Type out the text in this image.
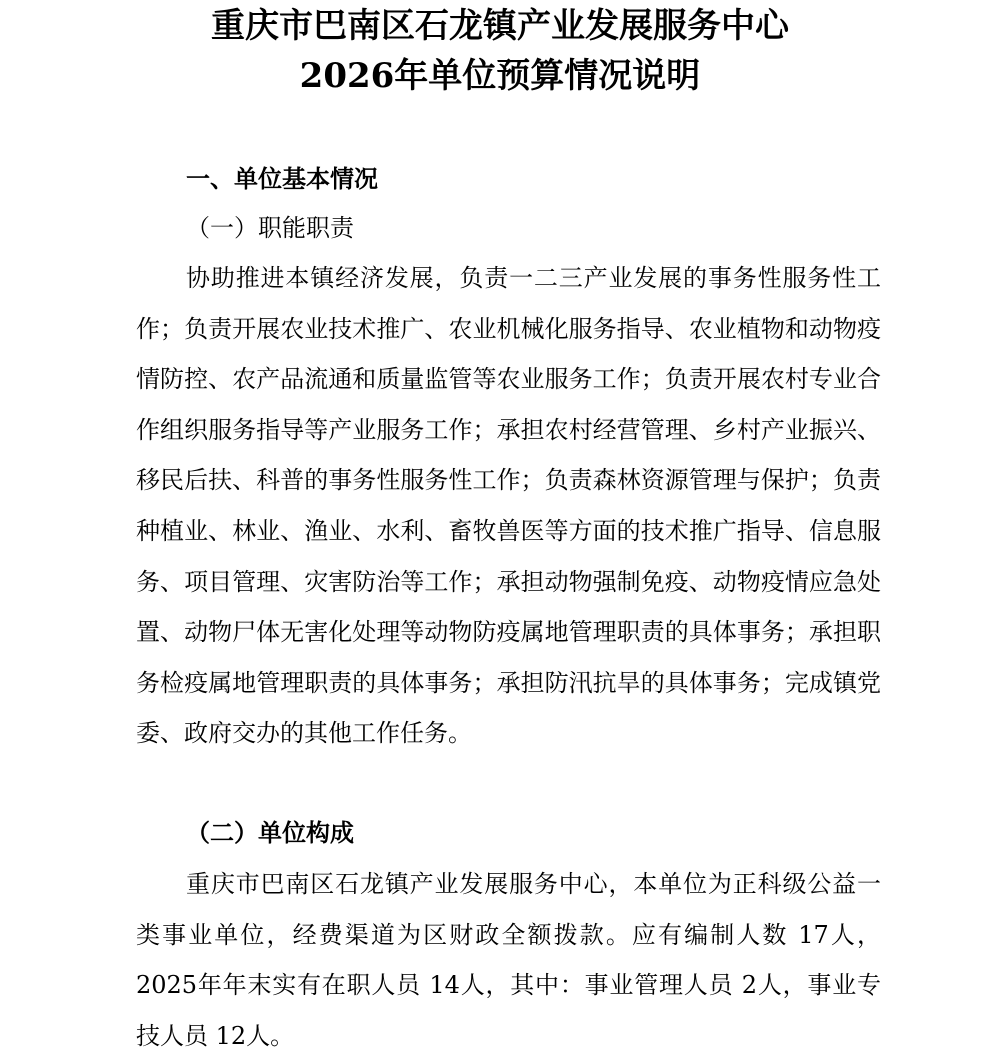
重庆市巴南区石龙镇产业发展服务中心
2026年单位预算情况说明
一、单位基本情况
（一）职能职责
协助推进本镇经济发展，负责一二三产业发展的事务性服务性工作；负责开展农业技术推广、农业机械化服务指导、农业植物和动物疫情防控、农产品流通和质量监管等农业服务工作；负责开展农村专业合作组织服务指导等产业服务工作；承担农村经营管理、乡村产业振兴、移民后扶、科普的事务性服务性工作；负责森林资源管理与保护；负责种植业、林业、渔业、水利、畜牧兽医等方面的技术推广指导、信息服务、项目管理、灾害防治等工作；承担动物强制免疫、动物疫情应急处置、动物尸体无害化处理等动物防疫属地管理职责的具体事务；承担职务检疫属地管理职责的具体事务；承担防汛抗旱的具体事务；完成镇党委、政府交办的其他工作任务。
（二）单位构成
重庆市巴南区石龙镇产业发展服务中心，本单位为正科级公益一类事业单位，经费渠道为区财政全额拨款。应有编制人数 17人，2025年年末实有在职人员 14人，其中：事业管理人员 2人，事业专技人员 12人。
